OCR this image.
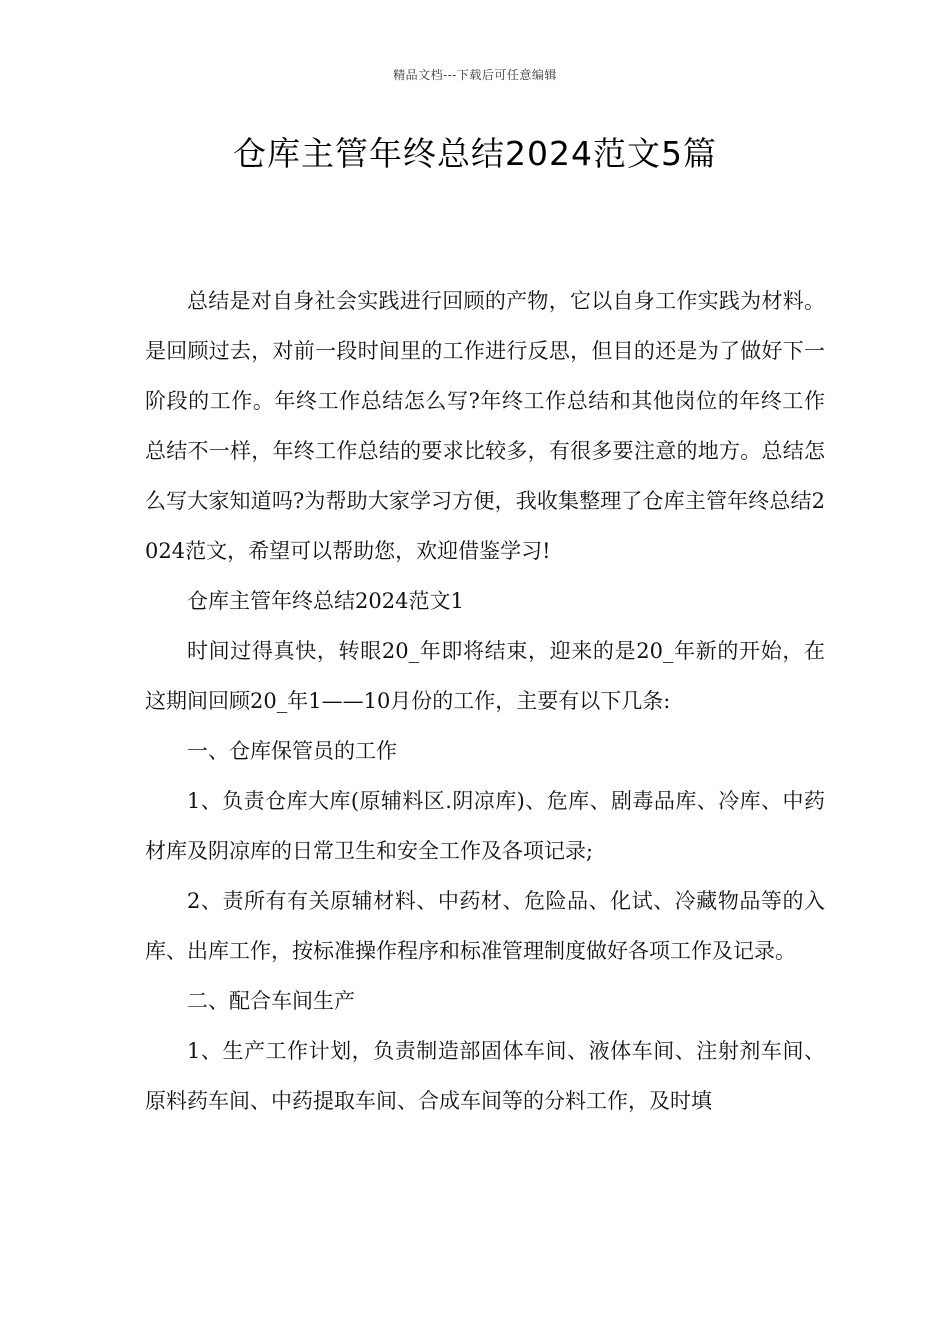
精品文档---下载后可任意编辑
仓库主管年终总结2024范文5篇

总结是对自身社会实践进行回顾的产物，它以自身工作实践为材料。是回顾过去，对前一段时间里的工作进行反思，但目的还是为了做好下一阶段的工作。年终工作总结怎么写?年终工作总结和其他岗位的年终工作总结不一样，年终工作总结的要求比较多，有很多要注意的地方。总结怎么写大家知道吗?为帮助大家学习方便，我收集整理了仓库主管年终总结2024范文，希望可以帮助您，欢迎借鉴学习!

仓库主管年终总结2024范文1

时间过得真快，转眼20_年即将结束，迎来的是20_年新的开始，在这期间回顾20_年1——10月份的工作，主要有以下几条:

一、仓库保管员的工作

1、负责仓库大库(原辅料区.阴凉库)、危库、剧毒品库、冷库、中药材库及阴凉库的日常卫生和安全工作及各项记录;

2、责所有有关原辅材料、中药材、危险品、化试、冷藏物品等的入库、出库工作，按标准操作程序和标准管理制度做好各项工作及记录。

二、配合车间生产

1、生产工作计划，负责制造部固体车间、液体车间、注射剂车间、原料药车间、中药提取车间、合成车间等的分料工作，及时填
